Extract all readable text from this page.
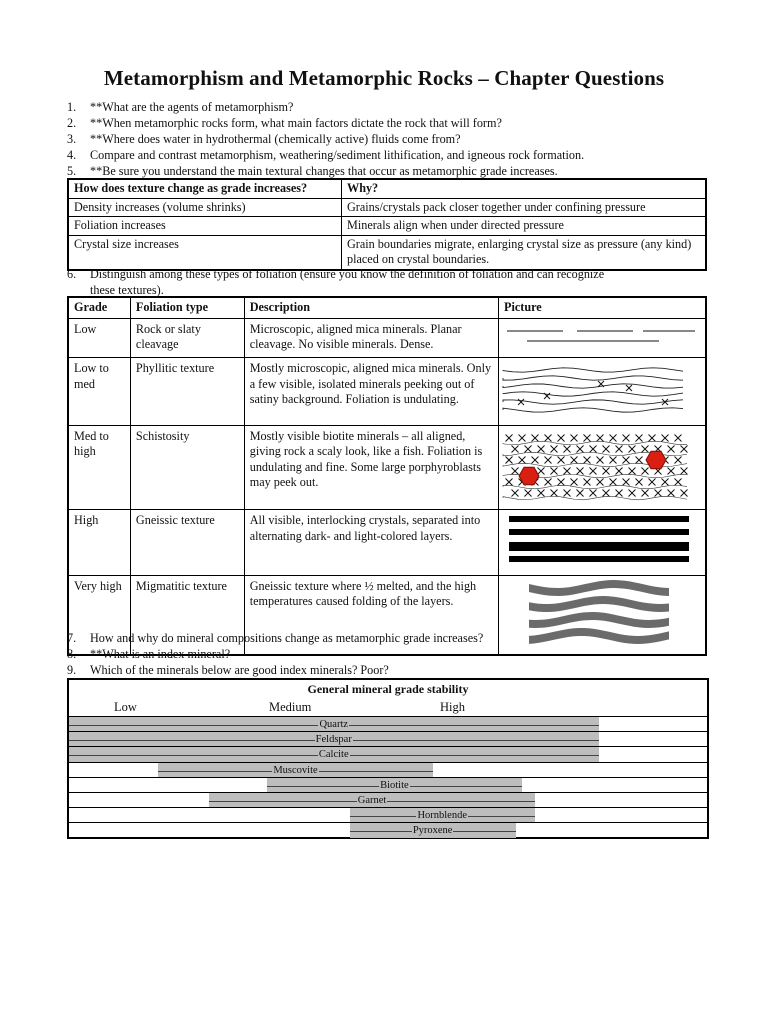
Metamorphism and Metamorphic Rocks – Chapter Questions
1. **What are the agents of metamorphism?
2. **When metamorphic rocks form, what main factors dictate the rock that will form?
3. **Where does water in hydrothermal (chemically active) fluids come from?
4. Compare and contrast metamorphism, weathering/sediment lithification, and igneous rock formation.
5. **Be sure you understand the main textural changes that occur as metamorphic grade increases.
How does texture change as grade increases?	Why?
Density increases (volume shrinks)	Grains/crystals pack closer together under confining pressure
Foliation increases	Minerals align when under directed pressure
Crystal size increases	Grain boundaries migrate, enlarging crystal size as pressure (any kind) placed on crystal boundaries.
6. Distinguish among these types of foliation (ensure you know the definition of foliation and can recognize
these textures).
Grade	Foliation type	Description	Picture
Low	Rock or slaty cleavage	Microscopic, aligned mica minerals. Planar cleavage. No visible minerals. Dense.	
Low to med	Phyllitic texture	Mostly microscopic, aligned mica minerals. Only a few visible, isolated minerals peeking out of satiny background. Foliation is undulating.	
Med to high	Schistosity	Mostly visible biotite minerals – all aligned, giving rock a scaly look, like a fish. Foliation is undulating and fine. Some large porphyroblasts may peek out.	
High	Gneissic texture	All visible, interlocking crystals, separated into alternating dark- and light-colored layers.	
Very high	Migmatitic texture	Gneissic texture where ½ melted, and the high temperatures caused folding of the layers.	
7. How and why do mineral compositions change as metamorphic grade increases?
8. **What is an index mineral?
9. Which of the minerals below are good index minerals? Poor?
General mineral grade stability
Low	Medium	High
Quartz
Feldspar
Calcite
Muscovite
Biotite
Garnet
Hornblende
Pyroxene
